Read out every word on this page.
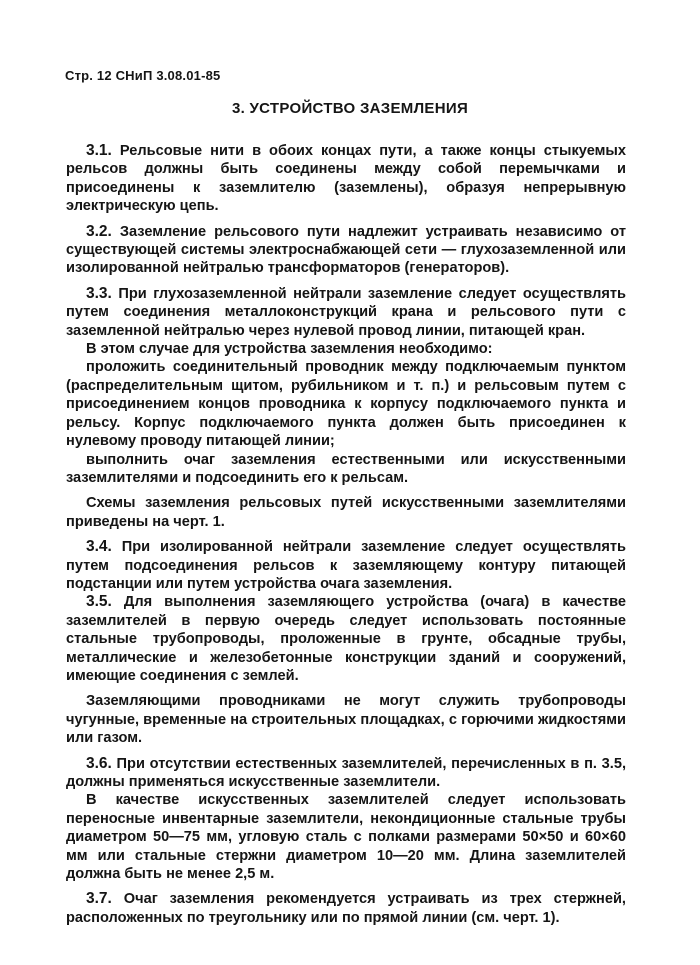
Стр. 12 СНиП 3.08.01-85
3. УСТРОЙСТВО ЗАЗЕМЛЕНИЯ

3.1. Рельсовые нити в обоих концах пути, а также концы стыкуемых рельсов должны быть соединены между собой перемычками и присоединены к заземлителю (заземлены), образуя непрерывную электрическую цепь.

3.2. Заземление рельсового пути надлежит устраивать независимо от существующей системы электроснабжающей сети — глухозаземленной или изолированной нейтралью трансформаторов (генераторов).

3.3. При глухозаземленной нейтрали заземление следует осуществлять путем соединения металлоконструкций крана и рельсового пути с заземленной нейтралью через нулевой провод линии, питающей кран.

В этом случае для устройства заземления необходимо:

проложить соединительный проводник между подключаемым пунктом (распределительным щитом, рубильником и т. п.) и рельсовым путем с присоединением концов проводника к корпусу подключаемого пункта и рельсу. Корпус подключаемого пункта должен быть присоединен к нулевому проводу питающей линии;

выполнить очаг заземления естественными или искусственными заземлителями и подсоединить его к рельсам.

Схемы заземления рельсовых путей искусственными заземлителями приведены на черт. 1.

3.4. При изолированной нейтрали заземление следует осуществлять путем подсоединения рельсов к заземляющему контуру питающей подстанции или путем устройства очага заземления.

3.5. Для выполнения заземляющего устройства (очага) в качестве заземлителей в первую очередь следует использовать постоянные стальные трубопроводы, проложенные в грунте, обсадные трубы, металлические и железобетонные конструкции зданий и сооружений, имеющие соединения с землей.

Заземляющими проводниками не могут служить трубопроводы чугунные, временные на строительных площадках, с горючими жидкостями или газом.

3.6. При отсутствии естественных заземлителей, перечисленных в п. 3.5, должны применяться искусственные заземлители.

В качестве искусственных заземлителей следует использовать переносные инвентарные заземлители, некондиционные стальные трубы диаметром 50—75 мм, угловую сталь с полками размерами 50×50 и 60×60 мм или стальные стержни диаметром 10—20 мм. Длина заземлителей должна быть не менее 2,5 м.

3.7. Очаг заземления рекомендуется устраивать из трех стержней, расположенных по треугольнику или по прямой линии (см. черт. 1).
